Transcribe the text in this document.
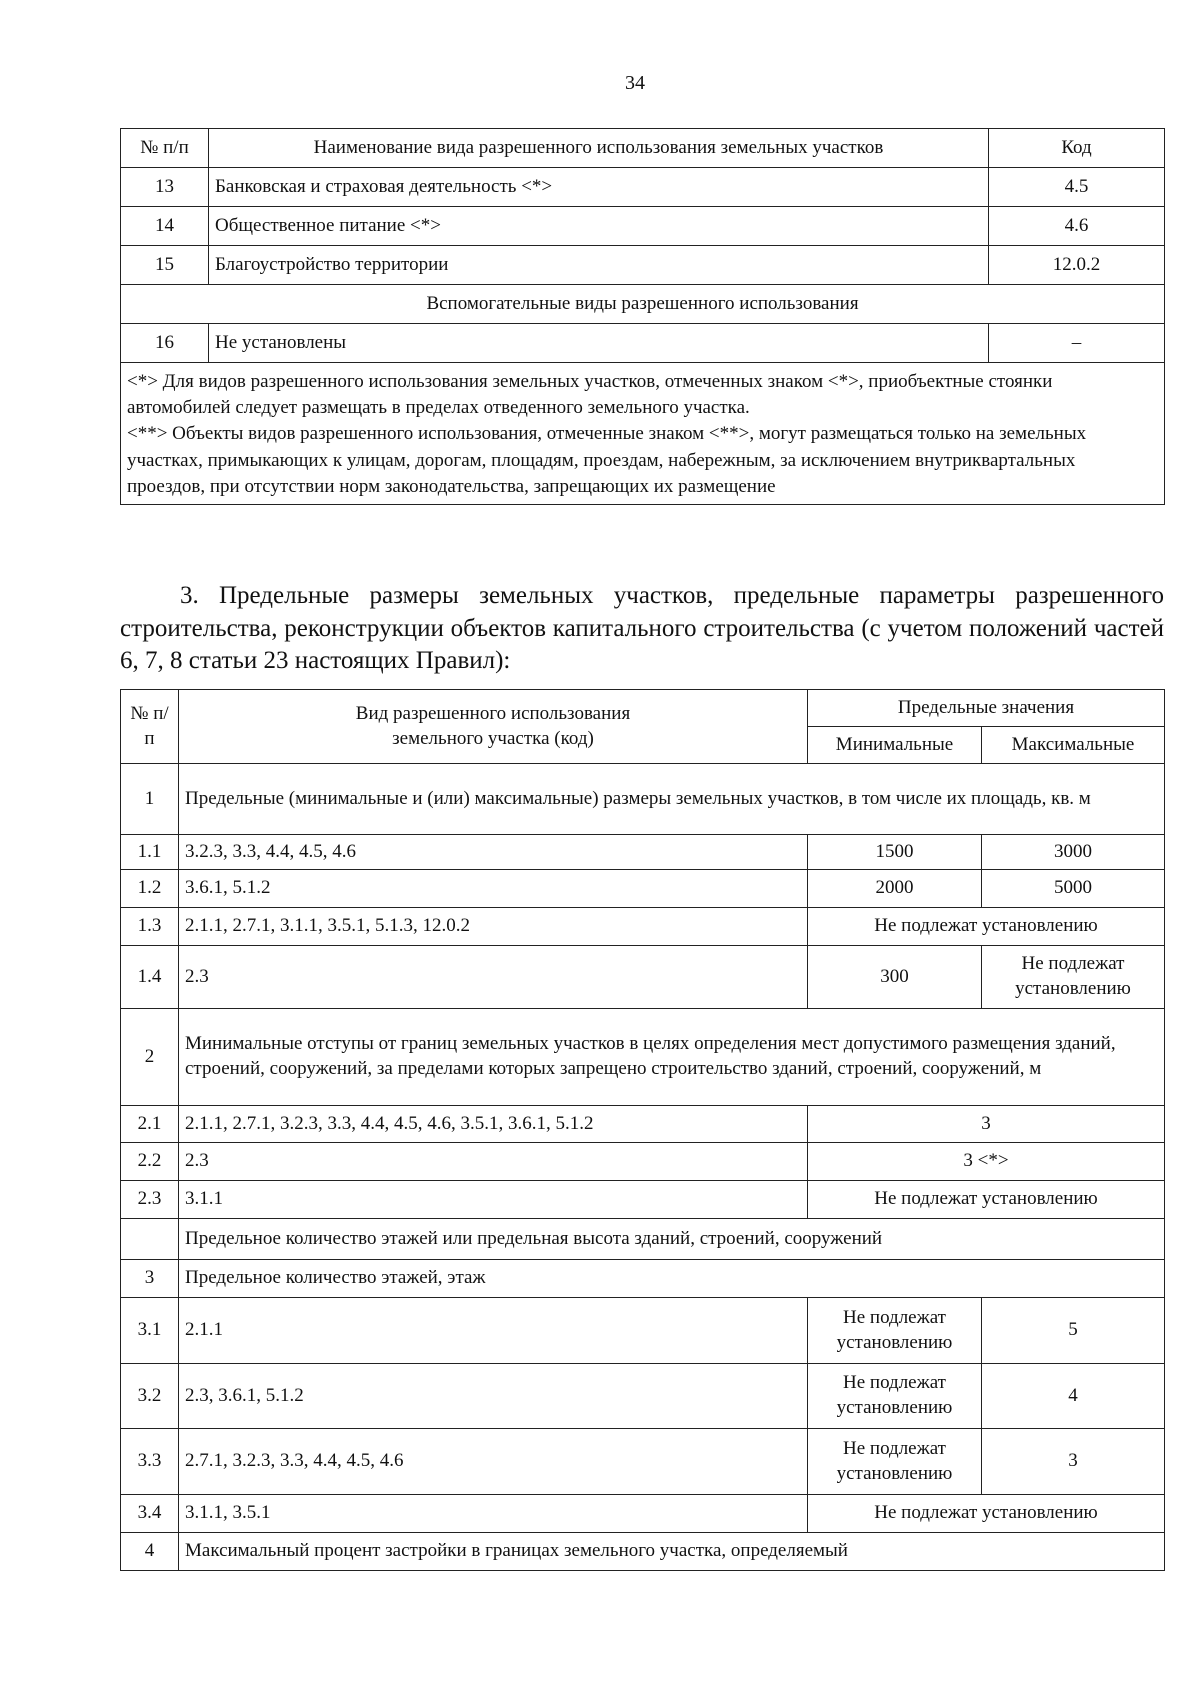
34
№ п/п	Наименование вида разрешенного использования земельных участков	Код
13	Банковская и страховая деятельность <*>	4.5
14	Общественное питание <*>	4.6
15	Благоустройство территории	12.0.2
Вспомогательные виды разрешенного использования		
16	Не установлены	–

<*> Для видов разрешенного использования земельных участков, отмеченных знаком <*>, приобъектные стоянки автомобилей следует размещать в пределах отведенного земельного участка.
<**> Объекты видов разрешенного использования, отмеченные знаком <**>, могут размещаться только на земельных участках, примыкающих к улицам, дорогам, площадям, проездам, набережным, за исключением внутриквартальных проездов, при отсутствии норм законодательства, запрещающих их размещение		
3. Предельные размеры земельных участков, предельные параметры разрешенного строительства, реконструкции объектов капитального строительства (с учетом положений частей 6, 7, 8 статьи 23 настоящих Правил):
№ п/п	Вид разрешенного использования земельного участка (код)	Предельные значения	
		Минимальные	Максимальные
1	Предельные (минимальные и (или) максимальные) размеры земельных участков, в том числе их площадь, кв. м		
1.1	3.2.3, 3.3, 4.4, 4.5, 4.6	1500	3000
1.2	3.6.1, 5.1.2	2000	5000
1.3	2.1.1, 2.7.1, 3.1.1, 3.5.1, 5.1.3, 12.0.2	Не подлежат установлению	
1.4	2.3	300	Не подлежат установлению
2	Минимальные отступы от границ земельных участков в целях определения мест допустимого размещения зданий, строений, сооружений, за пределами которых запрещено строительство зданий, строений, сооружений, м		
2.1	2.1.1, 2.7.1, 3.2.3, 3.3, 4.4, 4.5, 4.6, 3.5.1, 3.6.1, 5.1.2	3	
2.2	2.3	3 <*>	
2.3	3.1.1	Не подлежат установлению	
	Предельное количество этажей или предельная высота зданий, строений, сооружений		
3	Предельное количество этажей, этаж		
3.1	2.1.1	Не подлежат установлению	5
3.2	2.3, 3.6.1, 5.1.2	Не подлежат установлению	4
3.3	2.7.1, 3.2.3, 3.3, 4.4, 4.5, 4.6	Не подлежат установлению	3
3.4	3.1.1, 3.5.1	Не подлежат установлению	
4	Максимальный процент застройки в границах земельного участка, определяемый		
